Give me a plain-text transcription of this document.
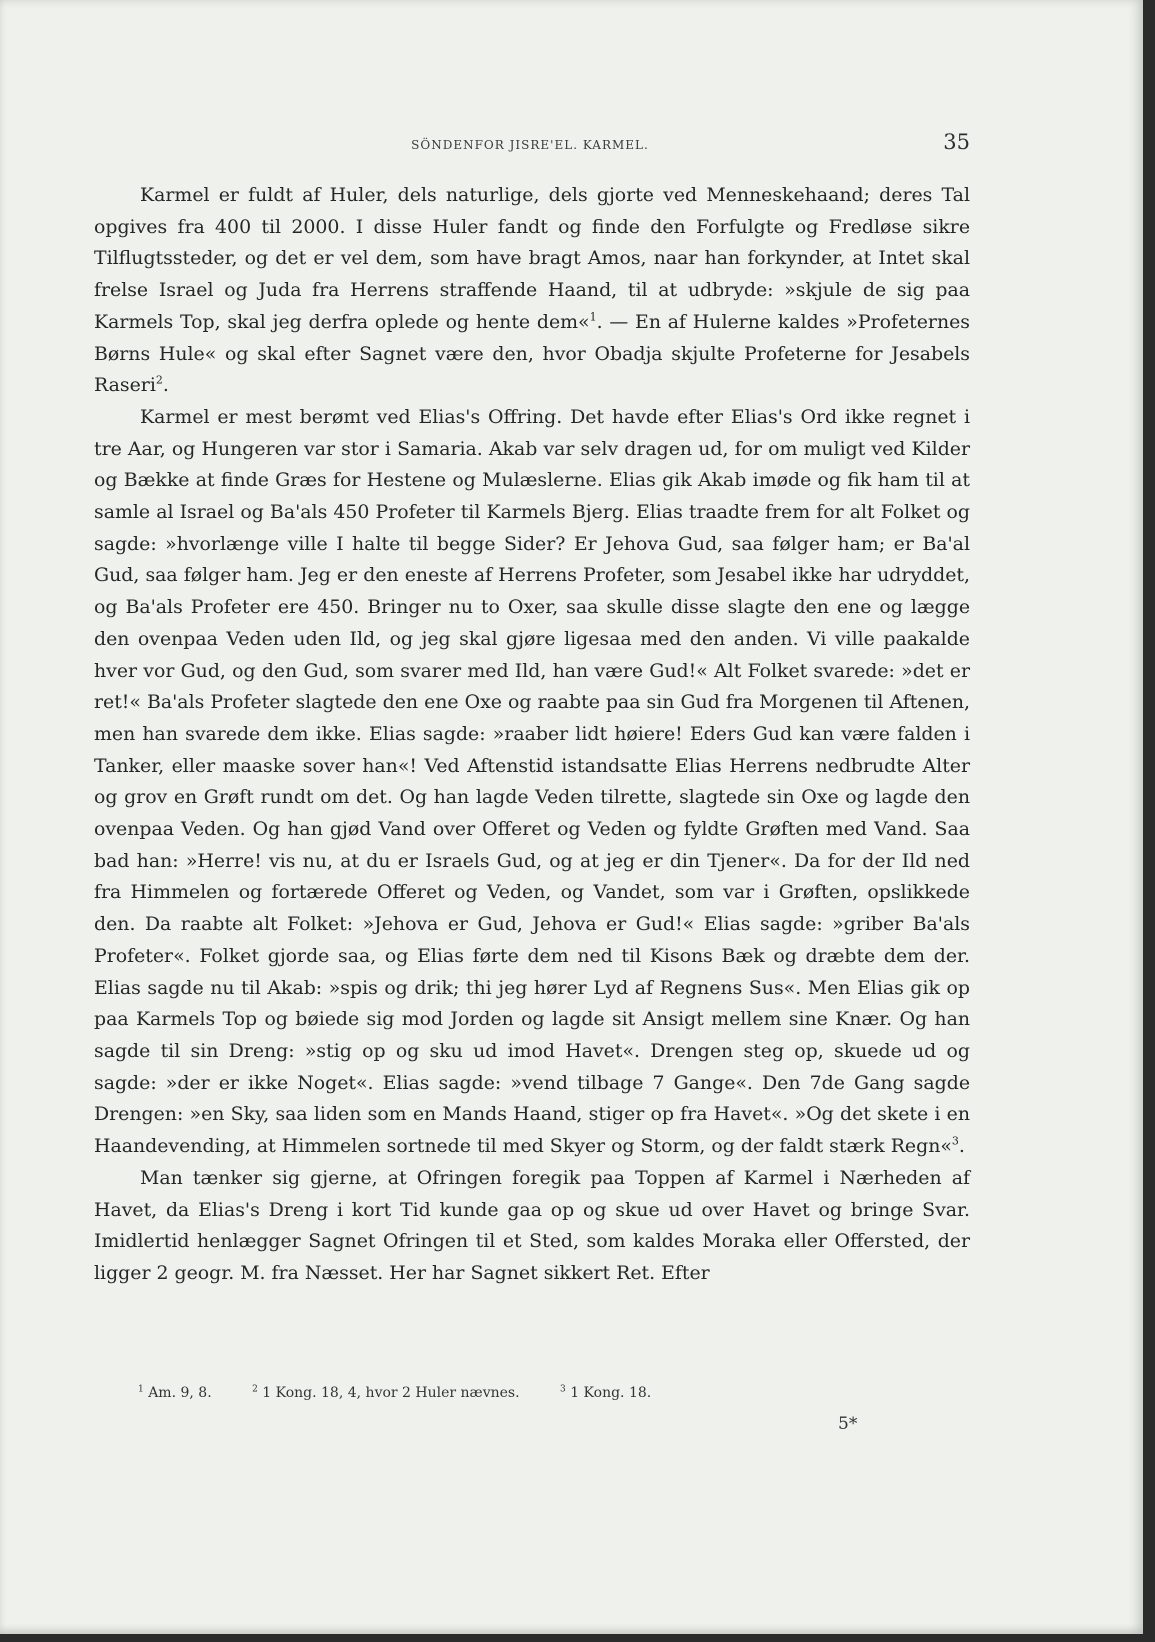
SÖNDENFOR JISRE'EL. KARMEL.	35

Karmel er fuldt af Huler, dels naturlige, dels gjorte ved Menneskehaand; deres Tal opgives fra 400 til 2000. I disse Huler fandt og finde den Forfulgte og Fredløse sikre Tilflugtssteder, og det er vel dem, som have bragt Amos, naar han forkynder, at Intet skal frelse Israel og Juda fra Herrens straffende Haand, til at udbryde: »skjule de sig paa Karmels Top, skal jeg derfra oplede og hente dem«$^1$. — En af Hulerne kaldes »Profeternes Børns Hule« og skal efter Sagnet være den, hvor Obadja skjulte Profeterne for Jesabels Raseri$^2$.

Karmel er mest berømt ved Elias's Offring. Det havde efter Elias's Ord ikke regnet i tre Aar, og Hungeren var stor i Samaria. Akab var selv dragen ud, for om muligt ved Kilder og Bække at finde Græs for Hestene og Mulæslerne. Elias gik Akab imøde og fik ham til at samle al Israel og Ba'als 450 Profeter til Karmels Bjerg. Elias traadte frem for alt Folket og sagde: »hvorlænge ville I halte til begge Sider? Er Jehova Gud, saa følger ham; er Ba'al Gud, saa følger ham. Jeg er den eneste af Herrens Profeter, som Jesabel ikke har udryddet, og Ba'als Profeter ere 450. Bringer nu to Oxer, saa skulle disse slagte den ene og lægge den ovenpaa Veden uden Ild, og jeg skal gjøre ligesaa med den anden. Vi ville paakalde hver vor Gud, og den Gud, som svarer med Ild, han være Gud!« Alt Folket svarede: »det er ret!« Ba'als Profeter slagtede den ene Oxe og raabte paa sin Gud fra Morgenen til Aftenen, men han svarede dem ikke. Elias sagde: »raaber lidt høiere! Eders Gud kan være falden i Tanker, eller maaske sover han«! Ved Aftenstid istandsatte Elias Herrens nedbrudte Alter og grov en Grøft rundt om det. Og han lagde Veden tilrette, slagtede sin Oxe og lagde den ovenpaa Veden. Og han gjød Vand over Offeret og Veden og fyldte Grøften med Vand. Saa bad han: »Herre! vis nu, at du er Israels Gud, og at jeg er din Tjener«. Da for der Ild ned fra Himmelen og fortærede Offeret og Veden, og Vandet, som var i Grøften, opslikkede den. Da raabte alt Folket: »Jehova er Gud, Jehova er Gud!« Elias sagde: »griber Ba'als Profeter«. Folket gjorde saa, og Elias førte dem ned til Kisons Bæk og dræbte dem der. Elias sagde nu til Akab: »spis og drik; thi jeg hører Lyd af Regnens Sus«. Men Elias gik op paa Karmels Top og bøiede sig mod Jorden og lagde sit Ansigt mellem sine Knær. Og han sagde til sin Dreng: »stig op og sku ud imod Havet«. Drengen steg op, skuede ud og sagde: »der er ikke Noget«. Elias sagde: »vend tilbage 7 Gange«. Den 7de Gang sagde Drengen: »en Sky, saa liden som en Mands Haand, stiger op fra Havet«. »Og det skete i en Haandevending, at Himmelen sortnede til med Skyer og Storm, og der faldt stærk Regn«$^3$.

Man tænker sig gjerne, at Ofringen foregik paa Toppen af Karmel i Nærheden af Havet, da Elias's Dreng i kort Tid kunde gaa op og skue ud over Havet og bringe Svar. Imidlertid henlægger Sagnet Ofringen til et Sted, som kaldes Moraka eller Offersted, der ligger 2 geogr. M. fra Næsset. Her har Sagnet sikkert Ret. Efter

$^1$ Am. 9, 8.	$^2$ 1 Kong. 18, 4, hvor 2 Huler nævnes.	$^3$ 1 Kong. 18.
5*
